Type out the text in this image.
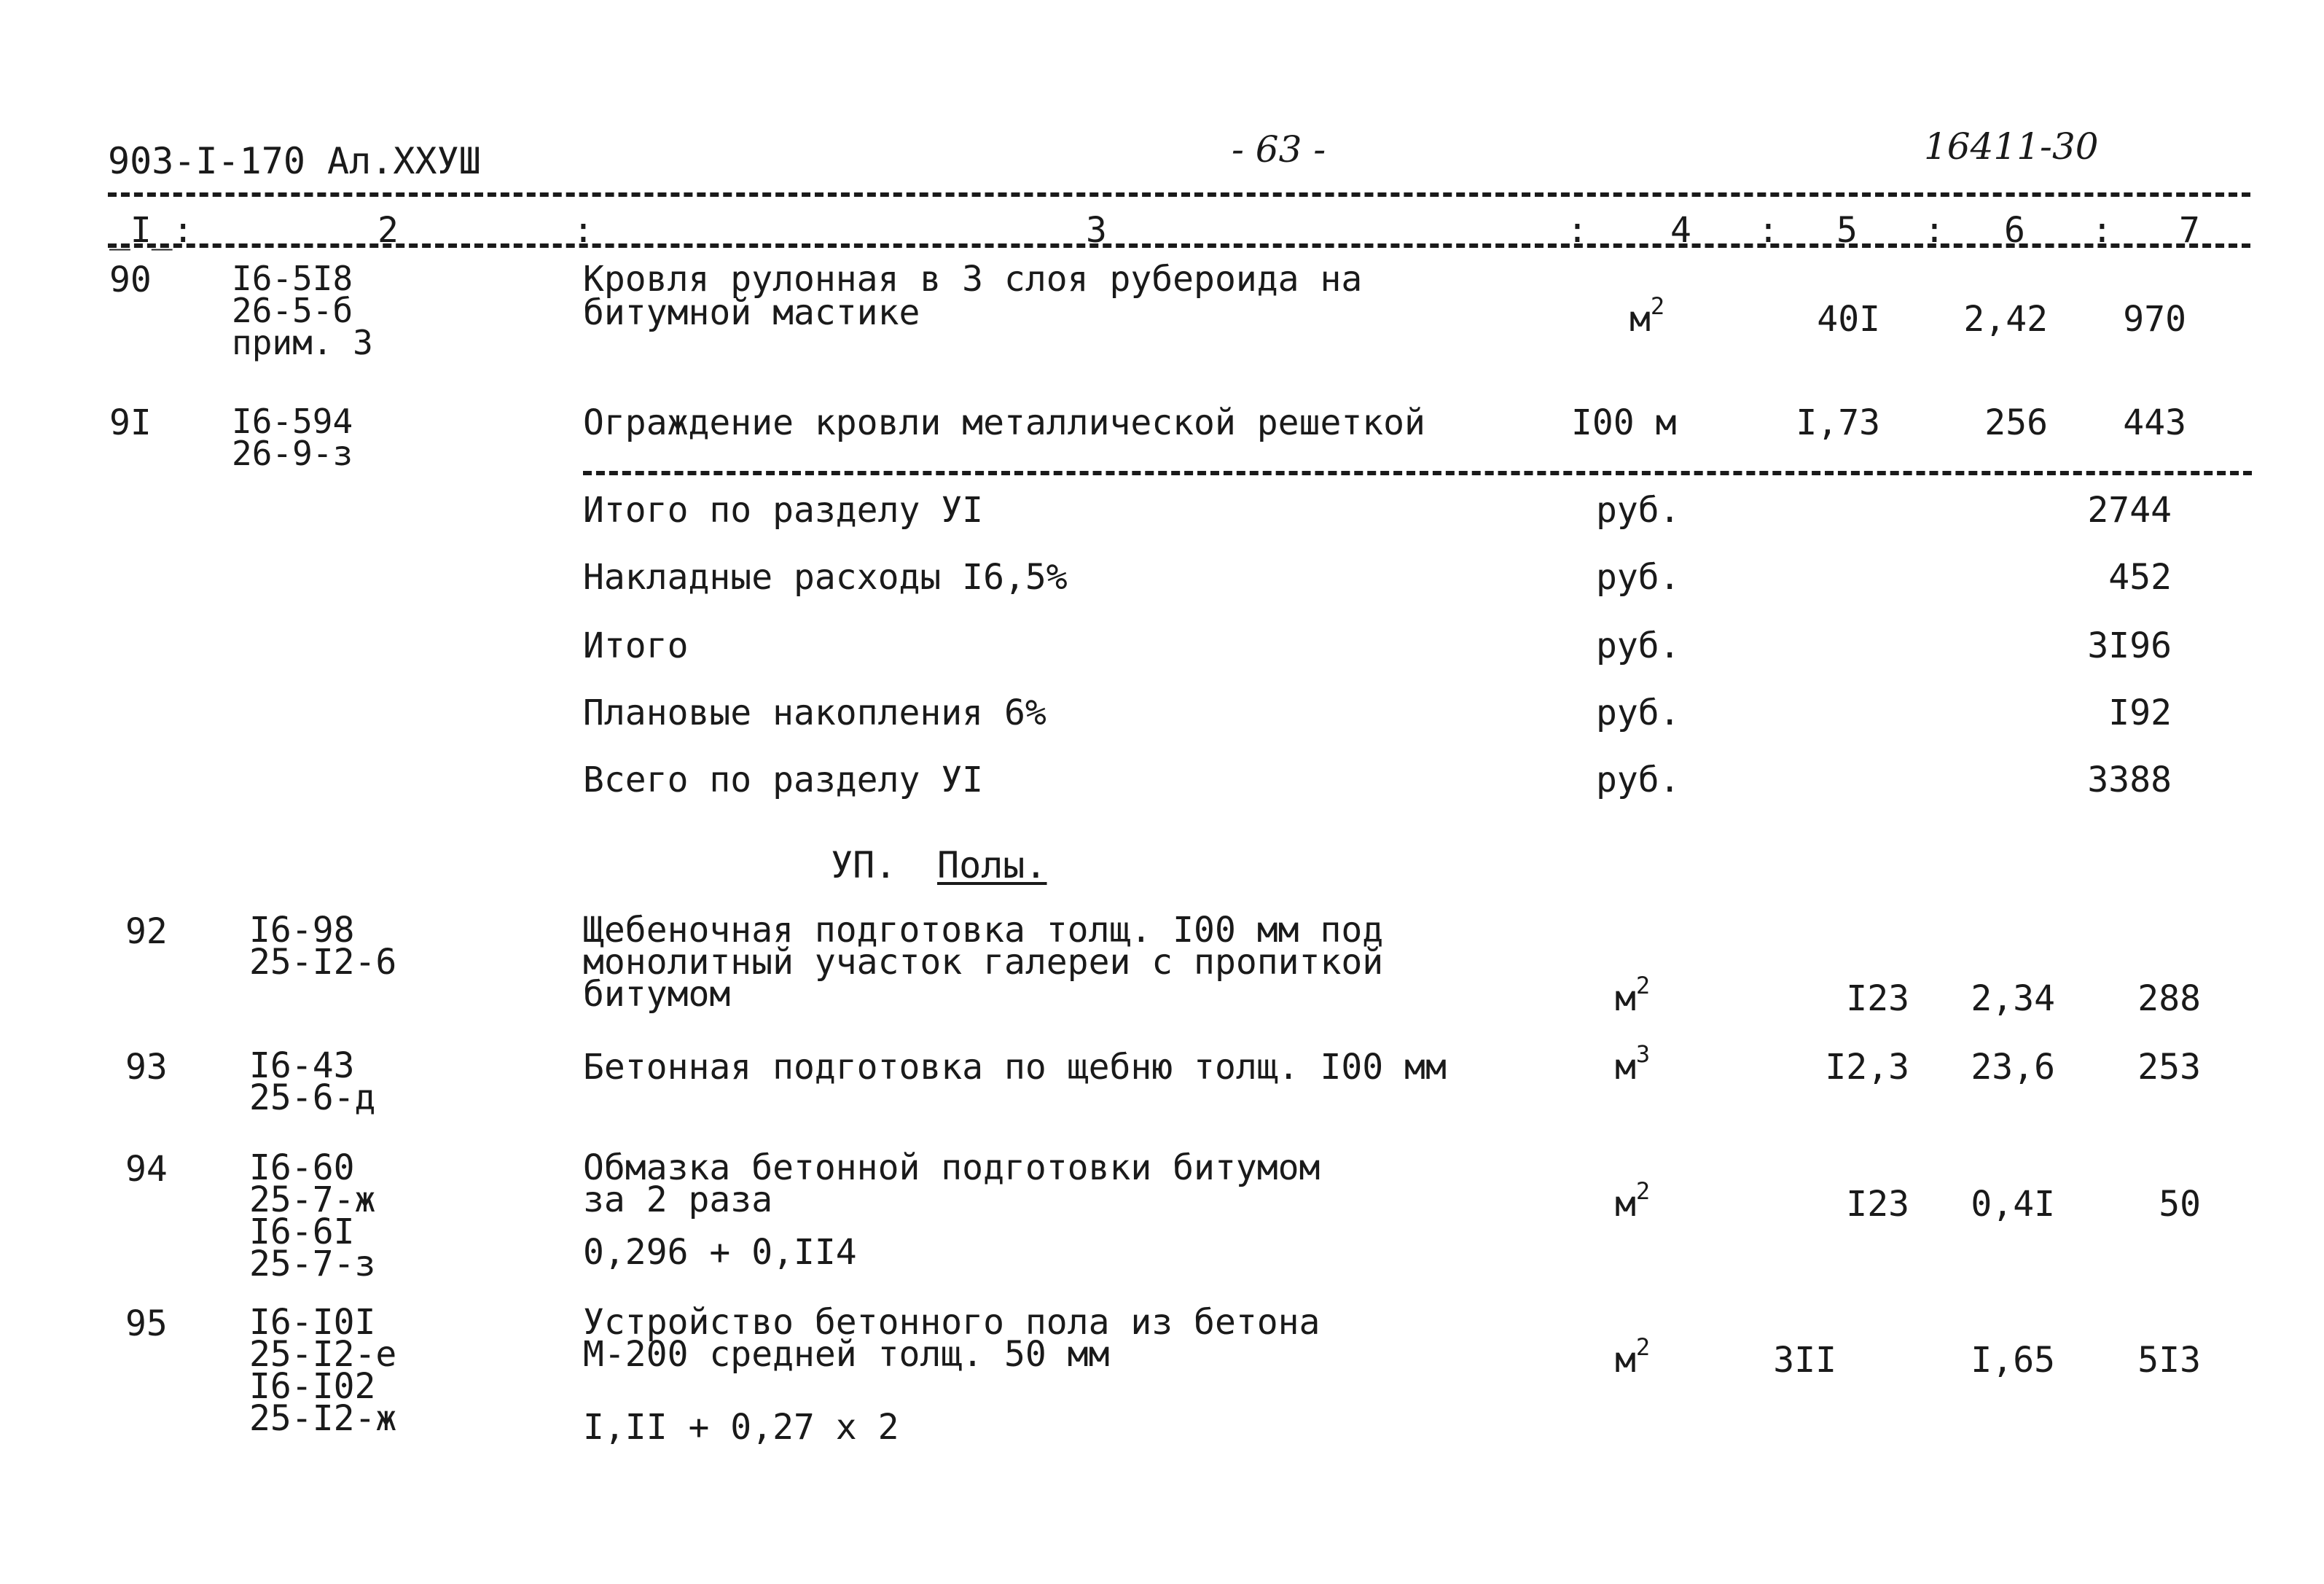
903-I-170 Ал.XXУШ	- 63 -	16411-30
_I_:	2	:	3	: 4 : 5 : 6 : 7
90 I6-5I8
26-5-б
прим. 3
Кровля рулонная в 3 слоя рубероида на
битумной мастике	$м^2$	40I	2,42	970
9I I6-594
26-9-з
Ограждение кровли металлической решеткой	I00 м	I,73	256	443
Итого по разделу УI	руб.	2744
Накладные расходы I6,5%	руб.	452
Итого	руб.	3I96
Плановые накопления 6%	руб.	I92
Всего по разделу УI	руб.	3388
УП. Полы.
92 I6-98
25-I2-6
Щебеночная подготовка толщ. I00 мм под
монолитный участок галереи с пропиткой
битумом	$м^2$	I23	2,34	288
93 I6-43
25-6-д
Бетонная подготовка по щебню толщ. I00 мм	$м^3$	I2,3	23,6	253
94 I6-60
25-7-ж
I6-6I
25-7-з
Обмазка бетонной подготовки битумом
за 2 раза
0,296 + 0,II4
$м^2$	I23	0,4I	50
95 I6-I0I
25-I2-е
I6-I02
25-I2-ж
Устройство бетонного пола из бетона
М-200 средней толщ. 50 мм
I,II + 0,27 x 2
$м^2$	3II	I,65	5I3
